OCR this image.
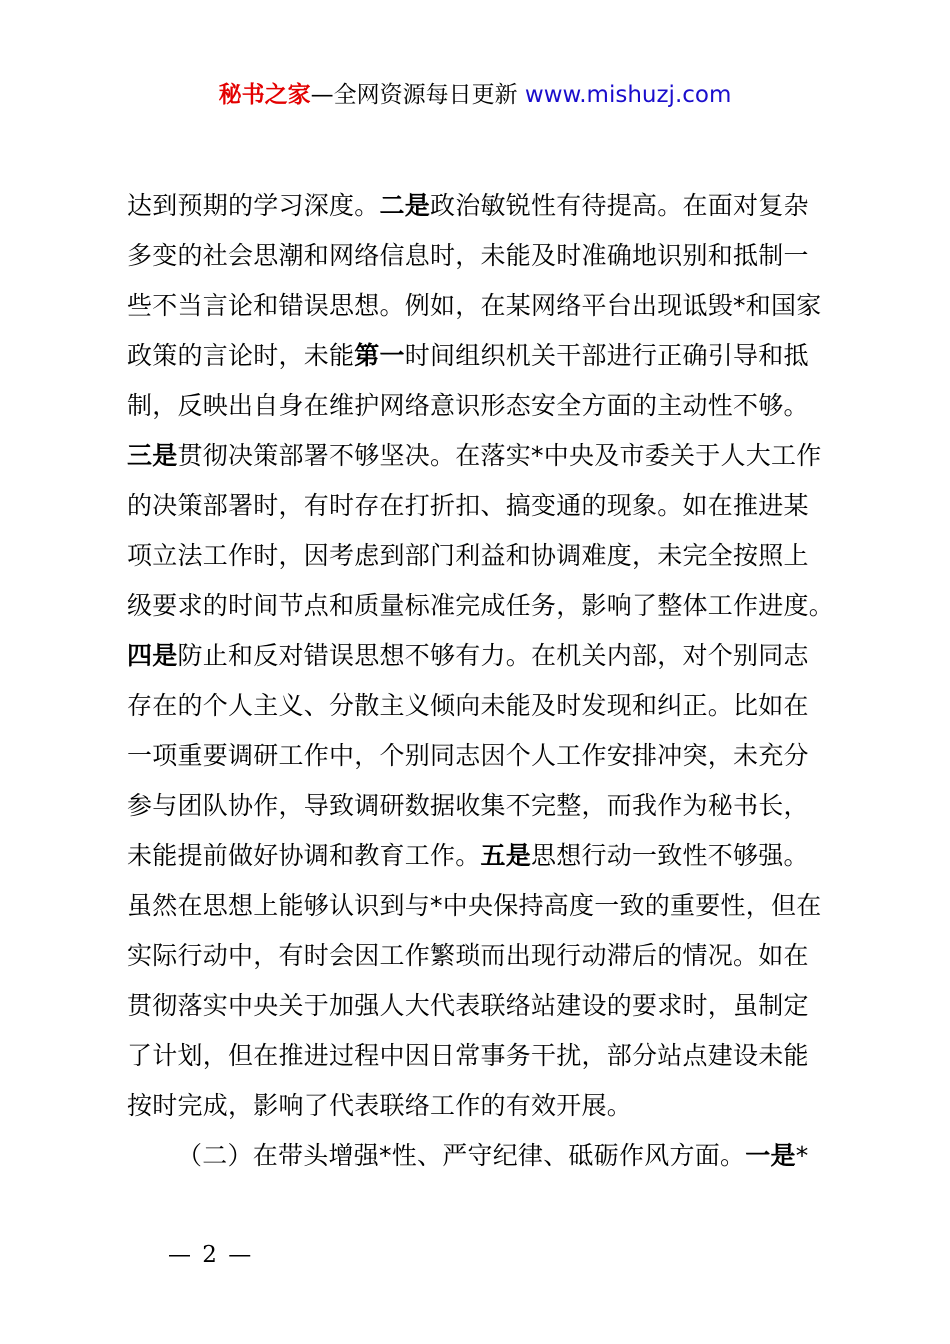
秘书之家—全网资源每日更新 www.mishuzj.com
达到预期的学习深度。二是政治敏锐性有待提高。在面对复杂
多变的社会思潮和网络信息时，未能及时准确地识别和抵制一
些不当言论和错误思想。例如，在某网络平台出现诋毁*和国家
政策的言论时，未能第一时间组织机关干部进行正确引导和抵
制，反映出自身在维护网络意识形态安全方面的主动性不够。
三是贯彻决策部署不够坚决。在落实*中央及市委关于人大工作
的决策部署时，有时存在打折扣、搞变通的现象。如在推进某
项立法工作时，因考虑到部门利益和协调难度，未完全按照上
级要求的时间节点和质量标准完成任务，影响了整体工作进度。
四是防止和反对错误思想不够有力。在机关内部，对个别同志
存在的个人主义、分散主义倾向未能及时发现和纠正。比如在
一项重要调研工作中，个别同志因个人工作安排冲突，未充分
参与团队协作，导致调研数据收集不完整，而我作为秘书长，
未能提前做好协调和教育工作。五是思想行动一致性不够强。
虽然在思想上能够认识到与*中央保持高度一致的重要性，但在
实际行动中，有时会因工作繁琐而出现行动滞后的情况。如在
贯彻落实中央关于加强人大代表联络站建设的要求时，虽制定
了计划，但在推进过程中因日常事务干扰，部分站点建设未能
按时完成，影响了代表联络工作的有效开展。
（二）在带头增强*性、严守纪律、砥砺作风方面。一是*
— 2 —
